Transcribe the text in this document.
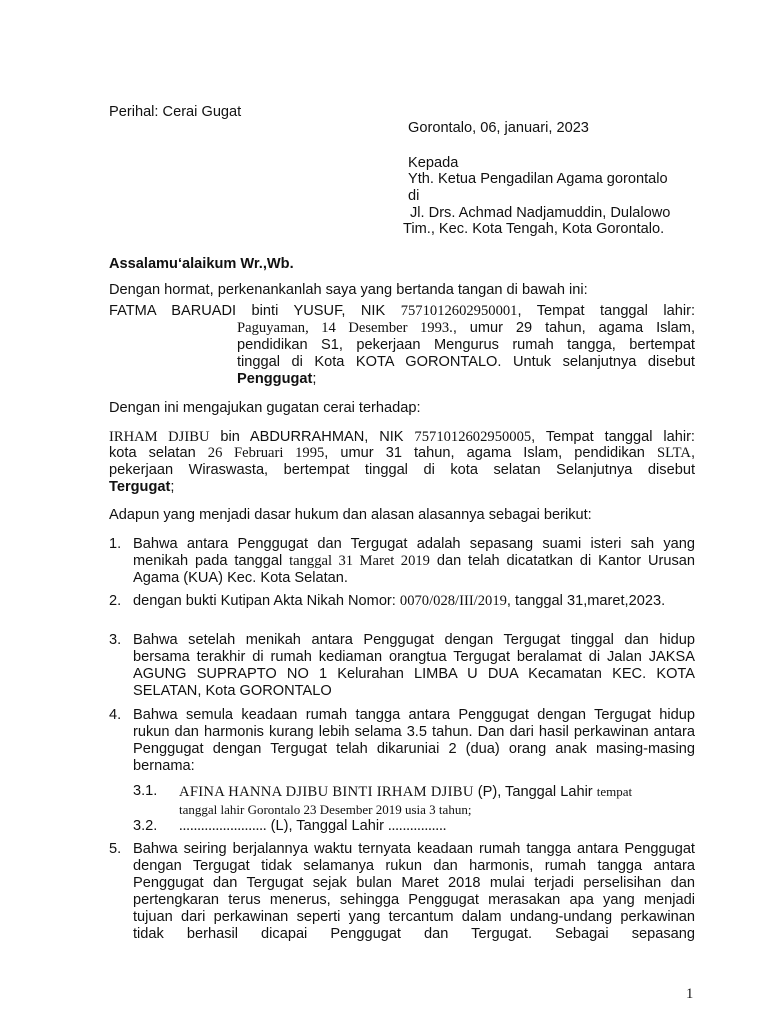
Perihal: Cerai Gugat

Gorontalo, 06, januari, 2023

Kepada

Yth. Ketua Pengadilan Agama gorontalo

di

Jl. Drs. Achmad Nadjamuddin, Dulalowo

Tim., Kec. Kota Tengah, Kota Gorontalo.

Assalamu‘alaikum Wr.,Wb.

Dengan hormat, perkenankanlah saya yang bertanda tangan di bawah ini:

FATMA BARUADI binti YUSUF, NIK 7571012602950001, Tempat tanggal lahir:

Paguyaman, 14 Desember 1993., umur 29 tahun, agama Islam,

pendidikan S1, pekerjaan Mengurus rumah tangga, bertempat

tinggal di Kota KOTA GORONTALO. Untuk selanjutnya disebut

Penggugat;

Dengan ini mengajukan gugatan cerai terhadap:

IRHAM DJIBU bin ABDURRAHMAN, NIK 7571012602950005, Tempat tanggal lahir:

kota selatan 26 Februari 1995, umur 31 tahun, agama Islam, pendidikan SLTA,

pekerjaan Wiraswasta, bertempat tinggal di kota selatan Selanjutnya disebut

Tergugat;

Adapun yang menjadi dasar hukum dan alasan alasannya sebagai berikut:

1. Bahwa antara Penggugat dan Tergugat adalah sepasang suami isteri sah yang menikah pada tanggal tanggal 31 Maret 2019 dan telah dicatatkan di Kantor Urusan Agama (KUA) Kec. Kota Selatan.
2. dengan bukti Kutipan Akta Nikah Nomor: 0070/028/III/2019, tanggal 31,maret,2023.
3. Bahwa setelah menikah antara Penggugat dengan Tergugat tinggal dan hidup bersama terakhir di rumah kediaman orangtua Tergugat beralamat di Jalan JAKSA AGUNG SUPRAPTO NO 1 Kelurahan LIMBA U DUA Kecamatan KEC. KOTA SELATAN, Kota GORONTALO
4. Bahwa semula keadaan rumah tangga antara Penggugat dengan Tergugat hidup rukun dan harmonis kurang lebih selama 3.5 tahun. Dan dari hasil perkawinan antara Penggugat dengan Tergugat telah dikaruniai 2 (dua) orang anak masing-masing bernama:
3.1. AFINA HANNA DJIBU BINTI IRHAM DJIBU (P), Tanggal Lahir tempat
tanggal lahir Gorontalo 23 Desember 2019 usia 3 tahun;
3.2. ........................ (L), Tanggal Lahir ................
5. Bahwa seiring berjalannya waktu ternyata keadaan rumah tangga antara Penggugat dengan Tergugat tidak selamanya rukun dan harmonis, rumah tangga antara Penggugat dan Tergugat sejak bulan Maret 2018 mulai terjadi perselisihan dan pertengkaran terus menerus, sehingga Penggugat merasakan apa yang menjadi tujuan dari perkawinan seperti yang tercantum dalam undang-undang perkawinan tidak berhasil dicapai Penggugat dan Tergugat. Sebagai sepasang

1
